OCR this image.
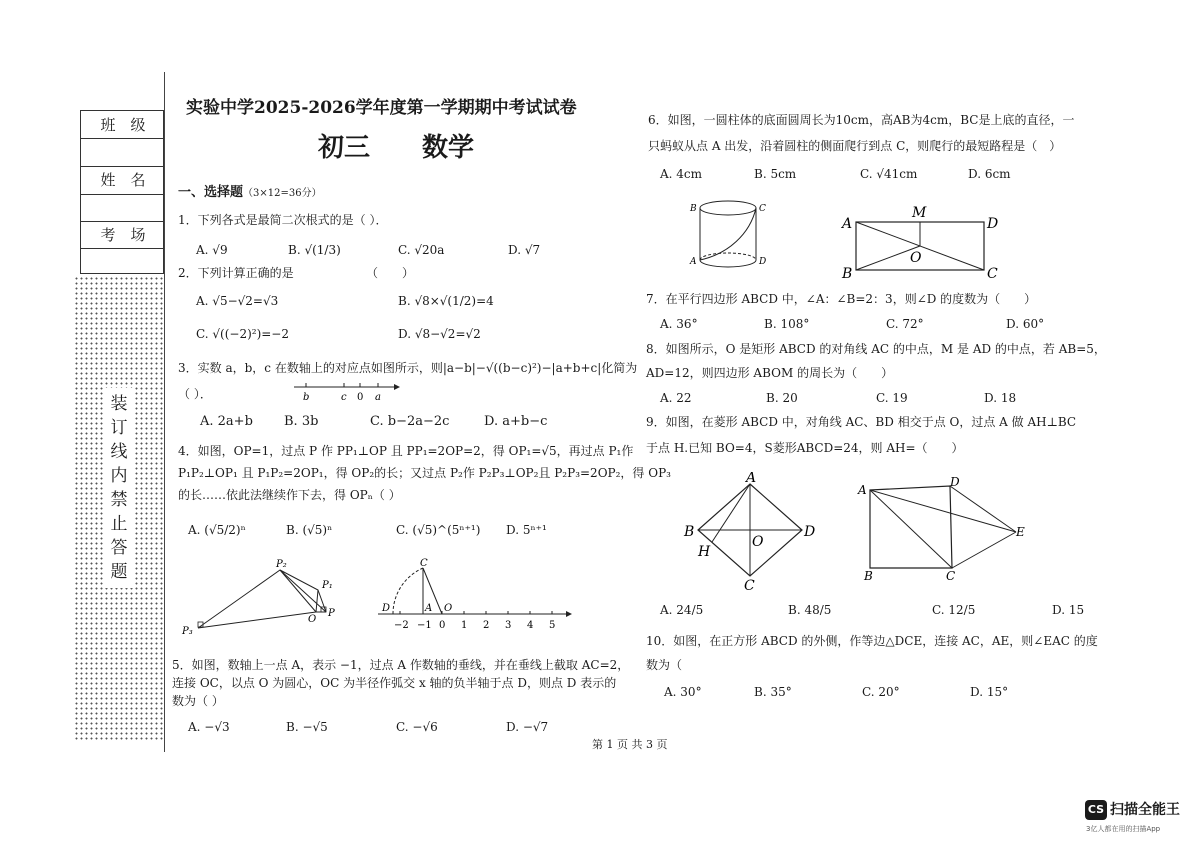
班　级
姓　名
考　场
装
订
线
内
禁
止
答
题
实验中学2025-2026学年度第一学期期中考试试卷
初三　　数学
一、选择题（3×12=36分）
1．下列各式是最简二次根式的是（ ）．
A. √9	B. √(1/3)	C. √20a	D. √7
2．下列计算正确的是	（　　）
A. √5−√2=√3	B. √8×√(1/2)=4
C. √((−2)²)=−2	D. √8−√2=√2
3．实数 a，b，c 在数轴上的对应点如图所示，则|a−b|−√((b−c)²)−|a+b+c|化简为
（ ）．	b	c 0 a
A. 2a+b B. 3b	C. b−2a−2c	D. a+b−c
4．如图，OP=1，过点 P 作 PP₁⊥OP 且 PP₁=2OP=2，得 OP₁=√5，再过点 P₁作
P₁P₂⊥OP₁ 且 P₁P₂=2OP₁，得 OP₂的长；又过点 P₂作 P₂P₃⊥OP₂且 P₂P₃=2OP₂，得 OP₃
的长……依此法继续作下去，得 OPₙ（ ）
A. (√5/2)ⁿ	B. (√5)ⁿ	C. (√5)^(5ⁿ⁺¹) D. 5ⁿ⁺¹
P₂
P₁
P
O
P₃
C
D	A O
−2 −1 0 1 2 3 4 5
5．如图，数轴上一点 A，表示 −1，过点 A 作数轴的垂线，并在垂线上截取 AC=2，
连接 OC，以点 O 为圆心，OC 为半径作弧交 x 轴的负半轴于点 D，则点 D 表示的
数为（ ）
A. −√3	B. −√5	C. −√6	D. −√7
6．如图，一圆柱体的底面圆周长为10cm，高AB为4cm，BC是上底的直径，一
只蚂蚁从点 A 出发，沿着圆柱的侧面爬行到点 C，则爬行的最短路程是（　）
A. 4cm	B. 5cm	C. √41cm	D. 6cm
B	C
A	D
A
M
D
O
B	C
7．在平行四边形 ABCD 中，∠A：∠B=2：3，则∠D 的度数为（　　）
A. 36°	B. 108°	C. 72°	D. 60°
8．如图所示，O 是矩形 ABCD 的对角线 AC 的中点，M 是 AD 的中点，若 AB=5，
AD=12，则四边形 ABOM 的周长为（　　）
A. 22	B. 20	C. 19	D. 18
9．如图，在菱形 ABCD 中，对角线 AC、BD 相交于点 O，过点 A 做 AH⊥BC
于点 H.已知 BO=4，S菱形ABCD=24，则 AH=（　　）
A
B	D
O
H
C
A
D
E
B	C
A. 24/5	B. 48/5	C. 12/5	D. 15
10．如图，在正方形 ABCD 的外侧，作等边△DCE，连接 AC，AE，则∠EAC 的度
数为（
A. 30°	B. 35°	C. 20°	D. 15°
第 1 页 共 3 页
CS 扫描全能王
3亿人都在用的扫描App
